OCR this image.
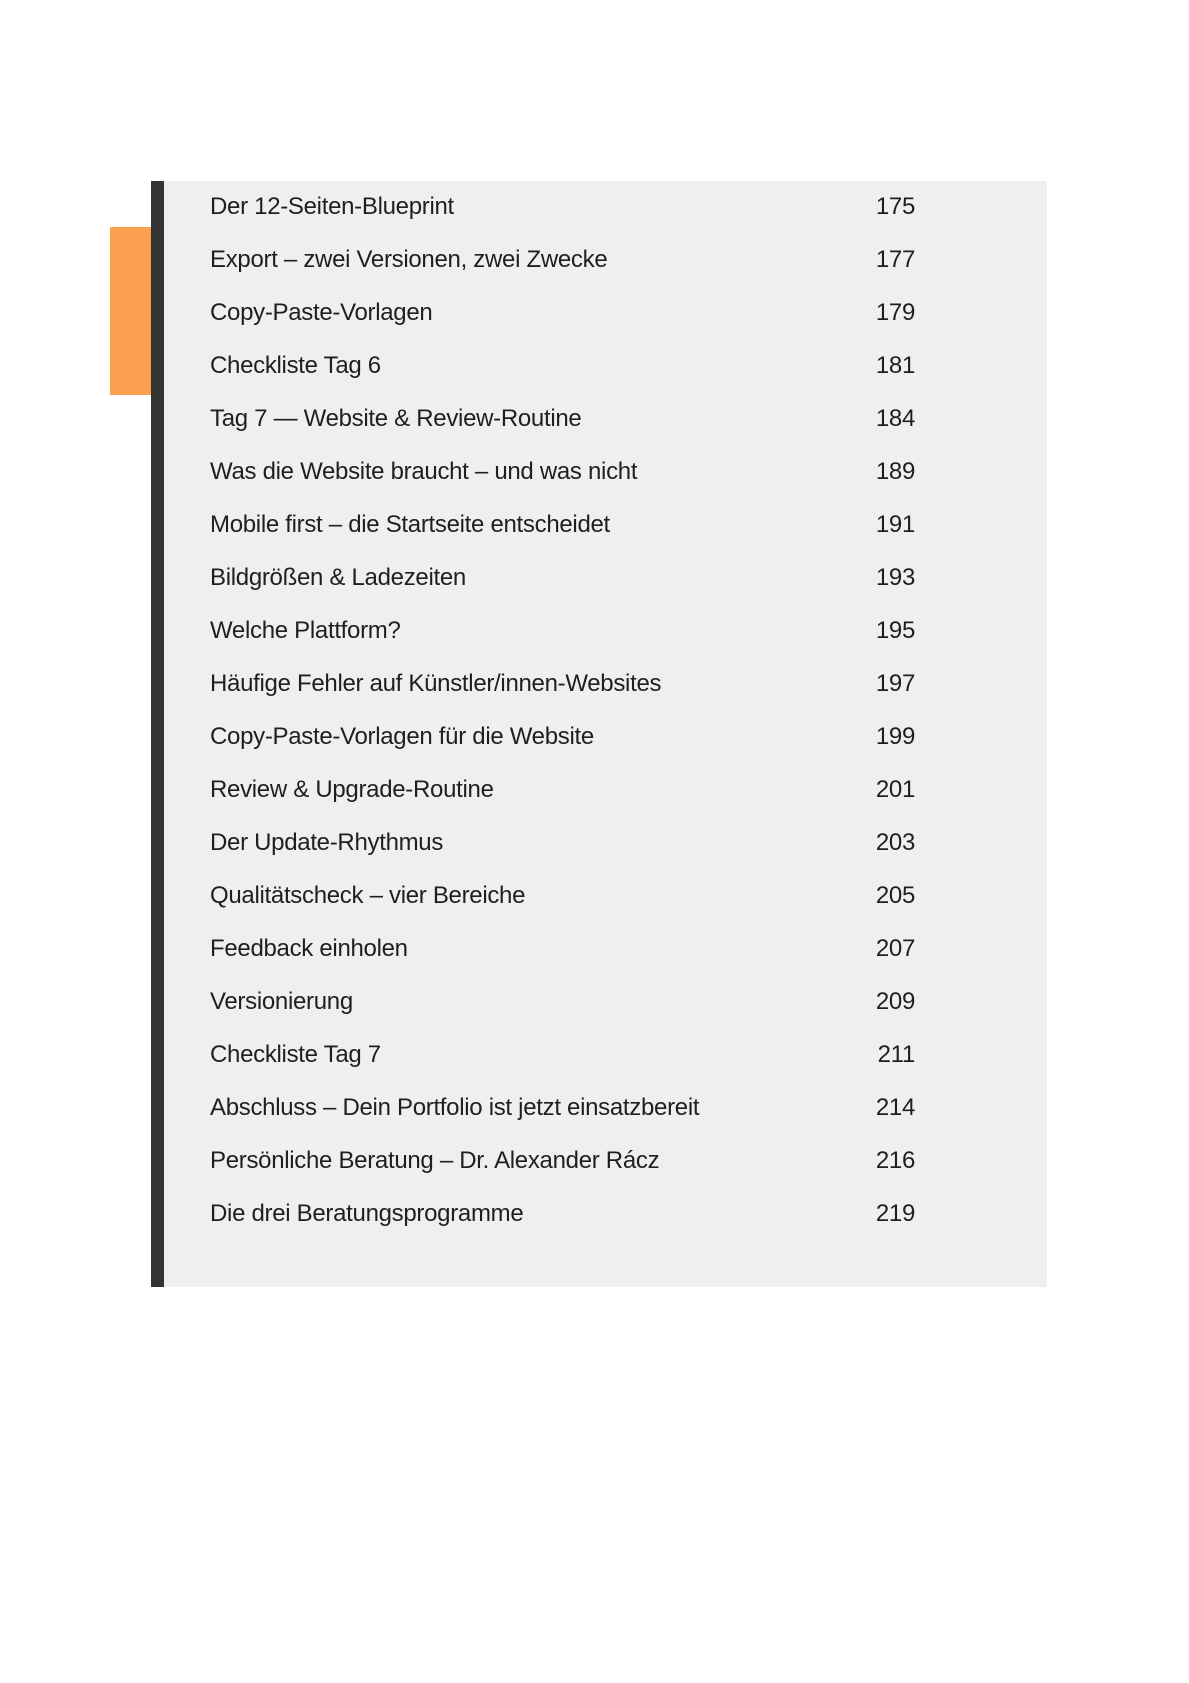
Der 12-Seiten-Blueprint	175
Export – zwei Versionen, zwei Zwecke	177
Copy-Paste-Vorlagen	179
Checkliste Tag 6	181
Tag 7 — Website & Review-Routine	184
Was die Website braucht – und was nicht	189
Mobile first – die Startseite entscheidet	191
Bildgrößen & Ladezeiten	193
Welche Plattform?	195
Häufige Fehler auf Künstler/innen-Websites	197
Copy-Paste-Vorlagen für die Website	199
Review & Upgrade-Routine	201
Der Update-Rhythmus	203
Qualitätscheck – vier Bereiche	205
Feedback einholen	207
Versionierung	209
Checkliste Tag 7	211
Abschluss – Dein Portfolio ist jetzt einsatzbereit	214
Persönliche Beratung – Dr. Alexander Rácz	216
Die drei Beratungsprogramme	219
